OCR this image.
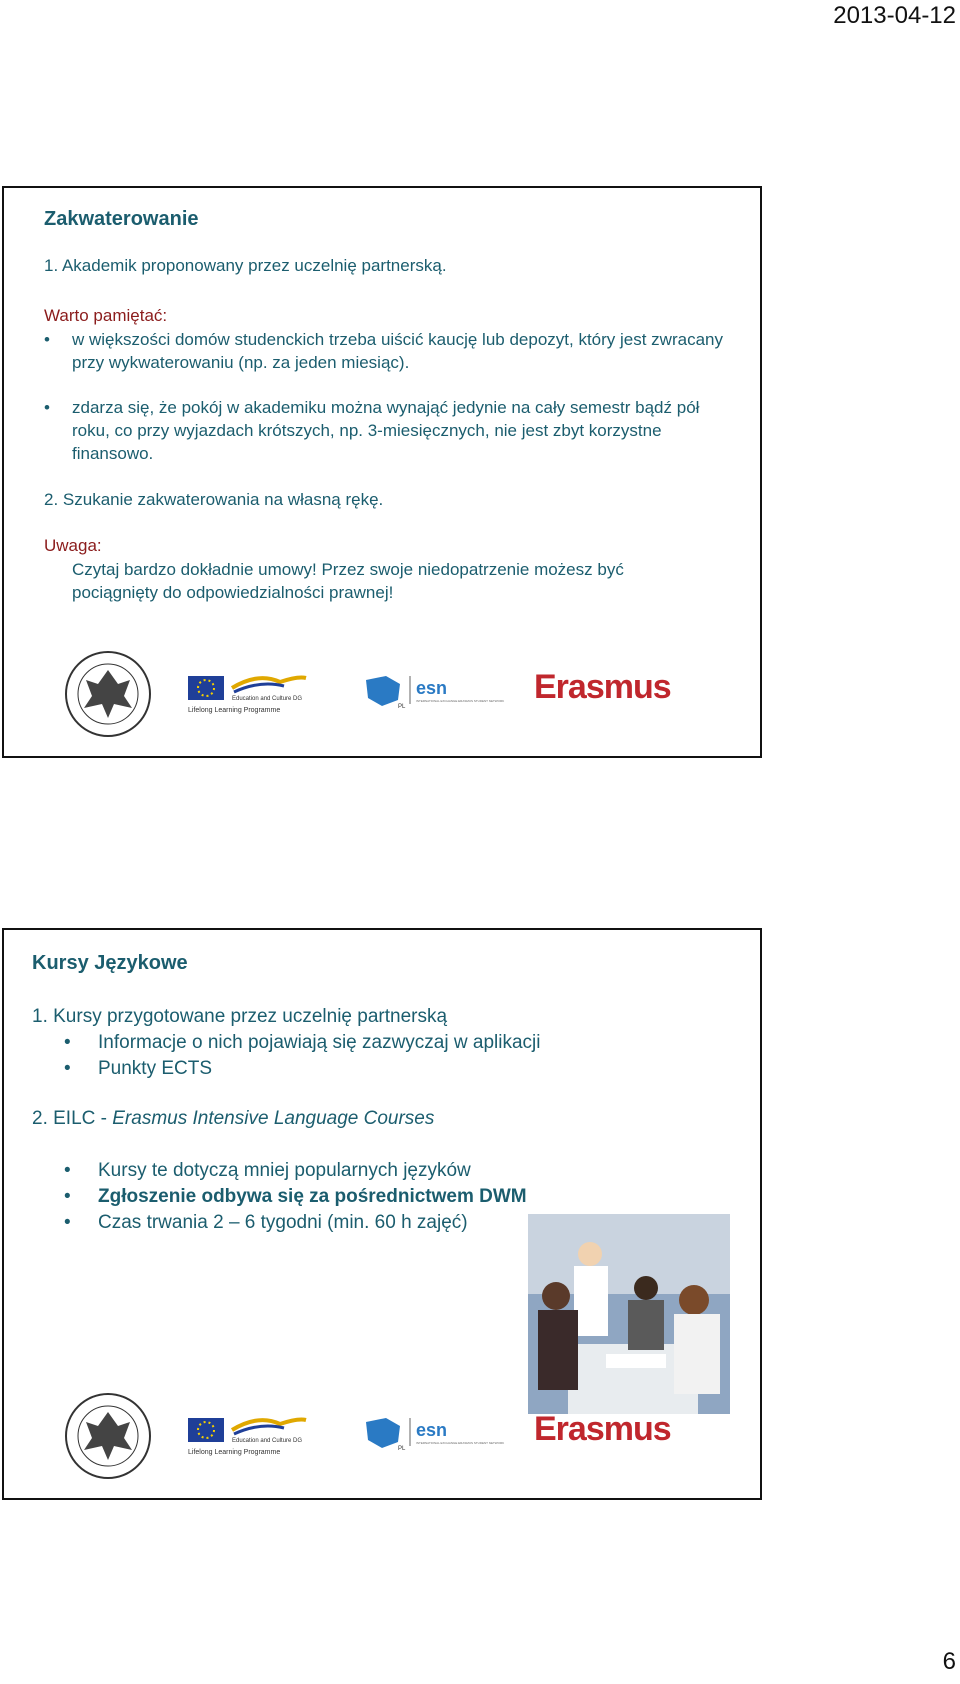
2013-04-12
Zakwaterowanie
1. Akademik proponowany przez uczelnię partnerską.
Warto pamiętać:
• w większości domów studenckich trzeba uiścić kaucję lub depozyt, który jest zwracany przy wykwaterowaniu (np. za jeden miesiąc).
• zdarza się, że pokój w akademiku można wynająć jedynie na cały semestr bądź pół roku, co przy wyjazdach krótszych, np. 3-miesięcznych, nie jest zbyt korzystne finansowo.
2. Szukanie zakwaterowania na własną rękę.
Uwaga:
Czytaj bardzo dokładnie umowy! Przez swoje niedopatrzenie możesz być pociągnięty do odpowiedzialności prawnej!
Education and Culture DG
Lifelong Learning Programme	PL
esn
INTERNATIONAL EXCHANGE ERASMUS STUDENT NETWORK Erasmus
Kursy Językowe
1. Kursy przygotowane przez uczelnię partnerską
• Informacje o nich pojawiają się zazwyczaj w aplikacji
• Punkty ECTS
2. EILC - Erasmus Intensive Language Courses
• Kursy te dotyczą mniej popularnych języków
• Zgłoszenie odbywa się za pośrednictwem DWM
• Czas trwania 2 – 6 tygodni (min. 60 h zajęć)
Education and Culture DG
Lifelong Learning Programme	PL
esn
INTERNATIONAL EXCHANGE ERASMUS STUDENT NETWORK Erasmus
6
